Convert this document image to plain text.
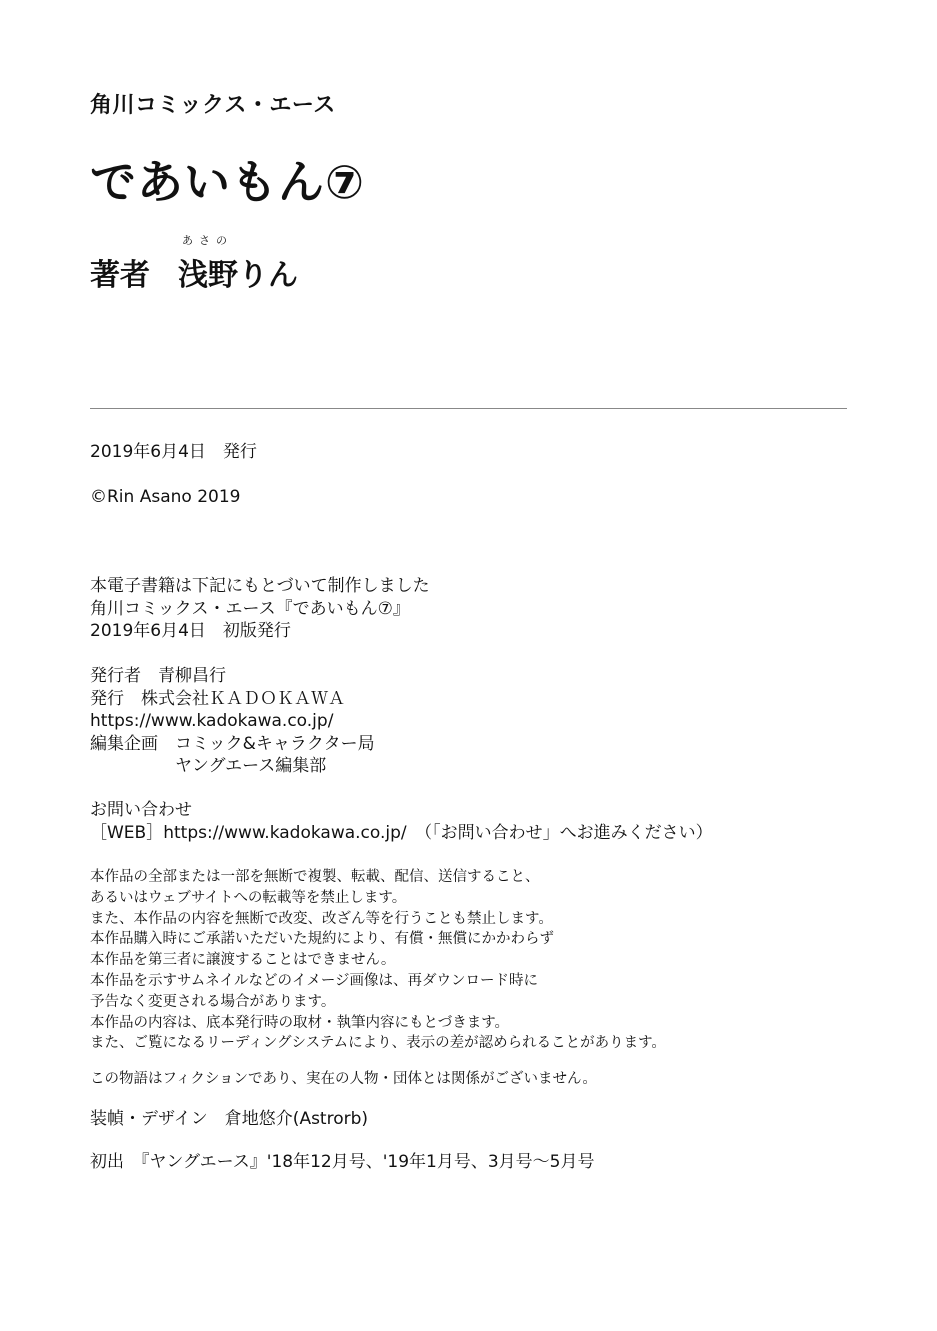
角川コミックス・エース
であいもん⑦
著者
あさの
浅野りん
2019年6月4日　発行
©Rin Asano 2019
本電子書籍は下記にもとづいて制作しました
角川コミックス・エース『であいもん⑦』
2019年6月4日　初版発行
発行者　青柳昌行
発行　株式会社ＫＡＤＯＫＡＷＡ
https://www.kadokawa.co.jp/
編集企画　コミック&キャラクター局
　　　　　ヤングエース編集部
お問い合わせ
［WEB］https://www.kadokawa.co.jp/　（「お問い合わせ」へお進みください）
本作品の全部または一部を無断で複製、転載、配信、送信すること、
あるいはウェブサイトへの転載等を禁止します。
また、本作品の内容を無断で改変、改ざん等を行うことも禁止します。
本作品購入時にご承諾いただいた規約により、有償・無償にかかわらず
本作品を第三者に譲渡することはできません。
本作品を示すサムネイルなどのイメージ画像は、再ダウンロード時に
予告なく変更される場合があります。
本作品の内容は、底本発行時の取材・執筆内容にもとづきます。
また、ご覧になるリーディングシステムにより、表示の差が認められることがあります。
この物語はフィクションであり、実在の人物・団体とは関係がございません。
装幀・デザイン　倉地悠介(Astrorb)
初出　『ヤングエース』'18年12月号、'19年1月号、3月号～5月号
